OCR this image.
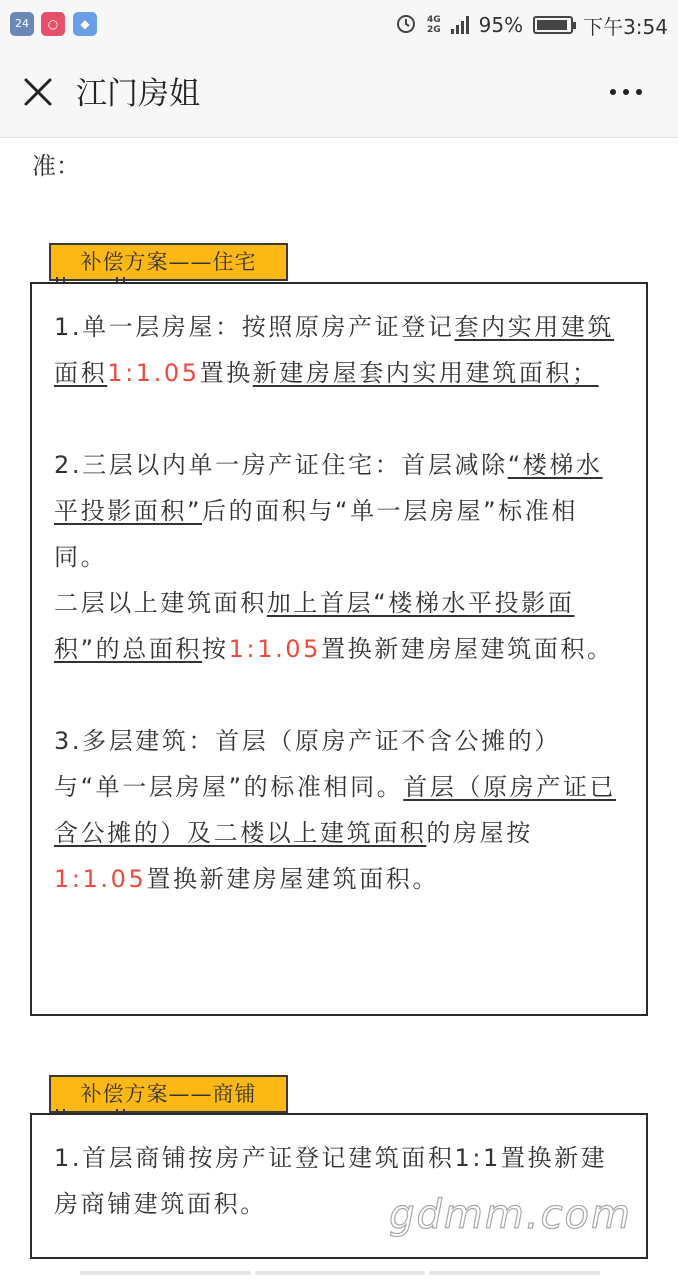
24	○	◆	4G
2G 95%	下午3:54
江门房姐
准：
补偿方案——住宅

1.单一层房屋：按照原房产证登记套内实用建筑面积1:1.05置换新建房屋套内实用建筑面积；

2.三层以内单一房产证住宅：首层减除“楼梯水平投影面积”后的面积与“单一层房屋”标准相同。

二层以上建筑面积加上首层“楼梯水平投影面积”的总面积按1:1.05置换新建房屋建筑面积。

3.多层建筑：首层（原房产证不含公摊的）与“单一层房屋”的标准相同。首层（原房产证已含公摊的）及二楼以上建筑面积的房屋按1:1.05置换新建房屋建筑面积。

补偿方案——商铺

1.首层商铺按房产证登记建筑面积1:1置换新建房商铺建筑面积。	gdmm.com
